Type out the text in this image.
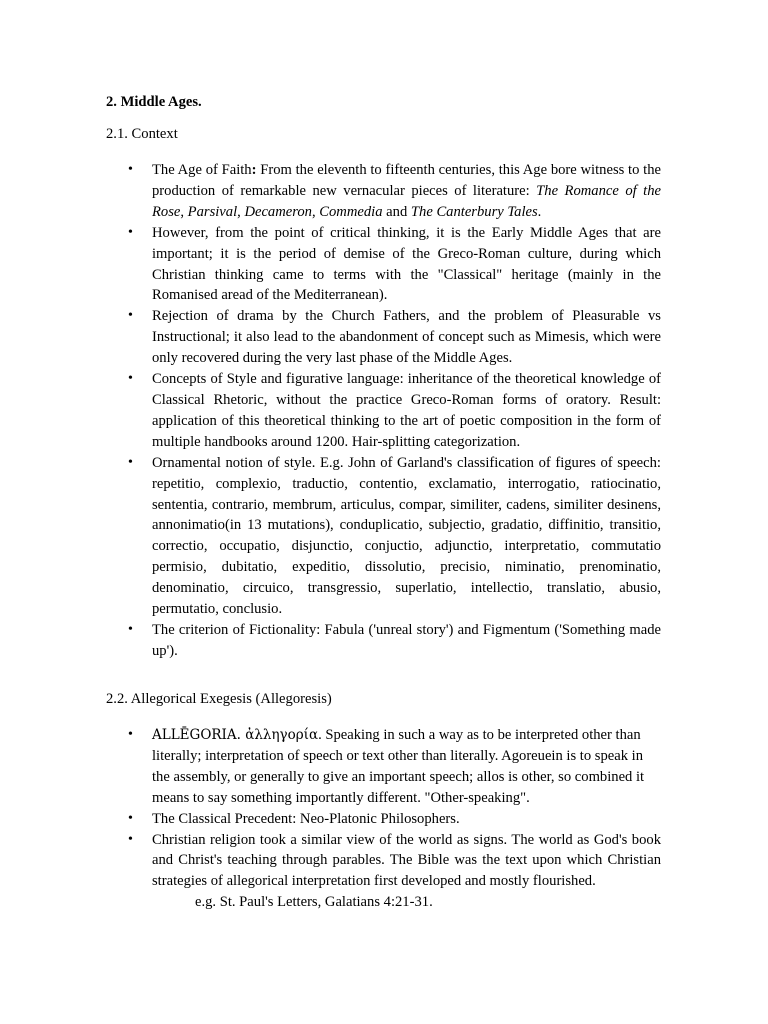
2. Middle Ages.

2.1. Context

• The Age of Faith: From the eleventh to fifteenth centuries, this Age bore witness to the production of remarkable new vernacular pieces of literature: The Romance of the Rose, Parsival, Decameron, Commedia and The Canterbury Tales.
• However, from the point of critical thinking, it is the Early Middle Ages that are important; it is the period of demise of the Greco-Roman culture, during which Christian thinking came to terms with the "Classical" heritage (mainly in the Romanised aread of the Mediterranean).
• Rejection of drama by the Church Fathers, and the problem of Pleasurable vs Instructional; it also lead to the abandonment of concept such as Mimesis, which were only recovered during the very last phase of the Middle Ages.
• Concepts of Style and figurative language: inheritance of the theoretical knowledge of Classical Rhetoric, without the practice Greco-Roman forms of oratory. Result: application of this theoretical thinking to the art of poetic composition in the form of multiple handbooks around 1200. Hair-splitting categorization.
• Ornamental notion of style. E.g. John of Garland's classification of figures of speech: repetitio, complexio, traductio, contentio, exclamatio, interrogatio, ratiocinatio, sententia, contrario, membrum, articulus, compar, similiter, cadens, similiter desinens, annonimatio(in 13 mutations), conduplicatio, subjectio, gradatio, diffinitio, transitio, correctio, occupatio, disjunctio, conjuctio, adjunctio, interpretatio, commutatio permisio, dubitatio, expeditio, dissolutio, precisio, niminatio, prenominatio, denominatio, circuico, transgressio, superlatio, intellectio, translatio, abusio, permutatio, conclusio.
• The criterion of Fictionality: Fabula ('unreal story') and Figmentum ('Something made up').

2.2. Allegorical Exegesis (Allegoresis)

• ALLĒGORIA. ἀλληγορία. Speaking in such a way as to be interpreted other than literally; interpretation of speech or text other than literally. Agoreuein is to speak in the assembly, or generally to give an important speech; allos is other, so combined it means to say something importantly different. "Other-speaking".
• The Classical Precedent: Neo-Platonic Philosophers.
• Christian religion took a similar view of the world as signs. The world as God's book and Christ's teaching through parables. The Bible was the text upon which Christian strategies of allegorical interpretation first developed and mostly flourished.
e.g. St. Paul's Letters, Galatians 4:21-31.
